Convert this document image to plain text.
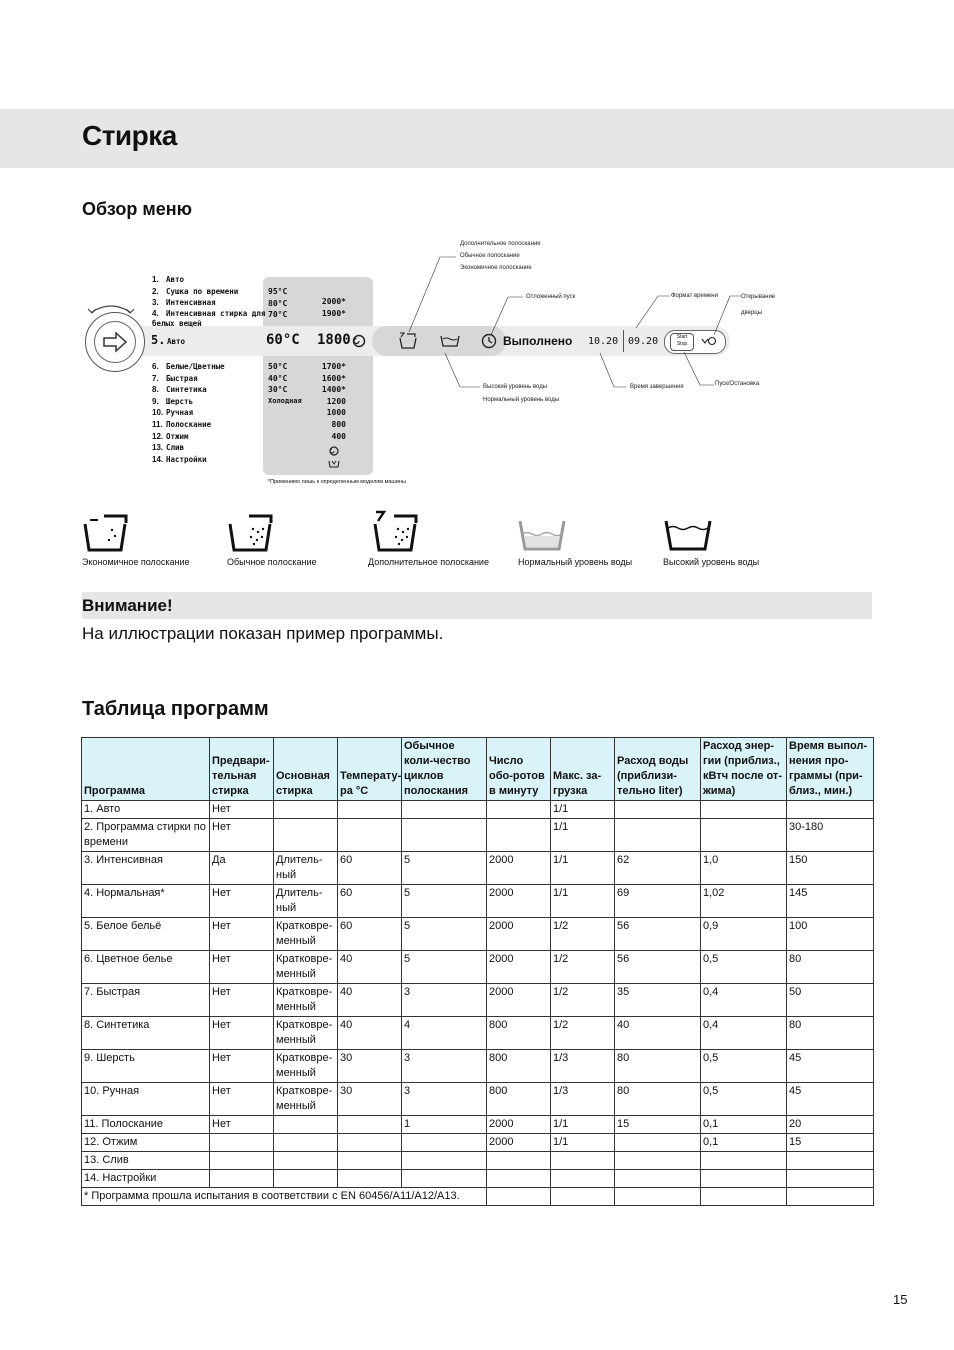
Стирка
Обзор меню
1. Авто
2. Сушка по времени
3. Интенсивная
4. Интенсивная стирка для белых вещей
5. Авто
6. Белые/Цветные
7. Быстрая
8. Синтетика
9. Шерсть
10. Ручная
11. Полоскание
12. Отжим
13. Слив
14. Настройки
95°C
80°C
70°C
50°C
40°C
30°C
Холодная
2000*
1900*
1700*
1600*
1400*
1200
1000
800
400
60°C 1800	Выполнено 10.20 09.20	Start
Stop
Дополнительное полоскание
Обычное полоскание
Экономичное полоскание
Отложенный пуск	Формат времени	Открывание
дверцы
Высокий уровень воды
Нормальный уровень воды
Время завершения	Пуск/Остановка
*Применимо лишь к определенным моделям машины
Экономичное полоскание	Обычное полоскание	Дополнительное полоскание	Нормальный уровень воды	Высокий уровень воды
Внимание!
На иллюстрации показан пример программы.
Таблица программ
Программа	Предвари-тельная стирка	Основная стирка	Температу-ра °C	Обычное коли-чество циклов полоскания	Число обо-ротов в минуту	Макс. за-грузка	Расход воды (приблизи-тельно liter)	Расход энер-гии (приблиз., кВтч после от-жима)	Время выпол-нения про-граммы (при-близ., мин.)
1. Авто	Нет					1/1			
2. Программа стирки по времени	Нет					1/1			30-180
3. Интенсивная	Да	Длитель-ный	60	5	2000	1/1	62	1,0	150
4. Нормальная*	Нет	Длитель-ный	60	5	2000	1/1	69	1,02	145
5. Белое бельё	Нет	Кратковре-менный	60	5	2000	1/2	56	0,9	100
6. Цветное белье	Нет	Кратковре-менный	40	5	2000	1/2	56	0,5	80
7. Быстрая	Нет	Кратковре-менный	40	3	2000	1/2	35	0,4	50
8. Синтетика	Нет	Кратковре-менный	40	4	800	1/2	40	0,4	80
9. Шерсть	Нет	Кратковре-менный	30	3	800	1/3	80	0,5	45
10. Ручная	Нет	Кратковре-менный	30	3	800	1/3	80	0,5	45
11. Полоскание	Нет			1	2000	1/1	15	0,1	20
12. Отжим					2000	1/1		0,1	15
13. Слив									
14. Настройки									
* Программа прошла испытания в соответствии с EN 60456/A11/A12/A13.									
15
